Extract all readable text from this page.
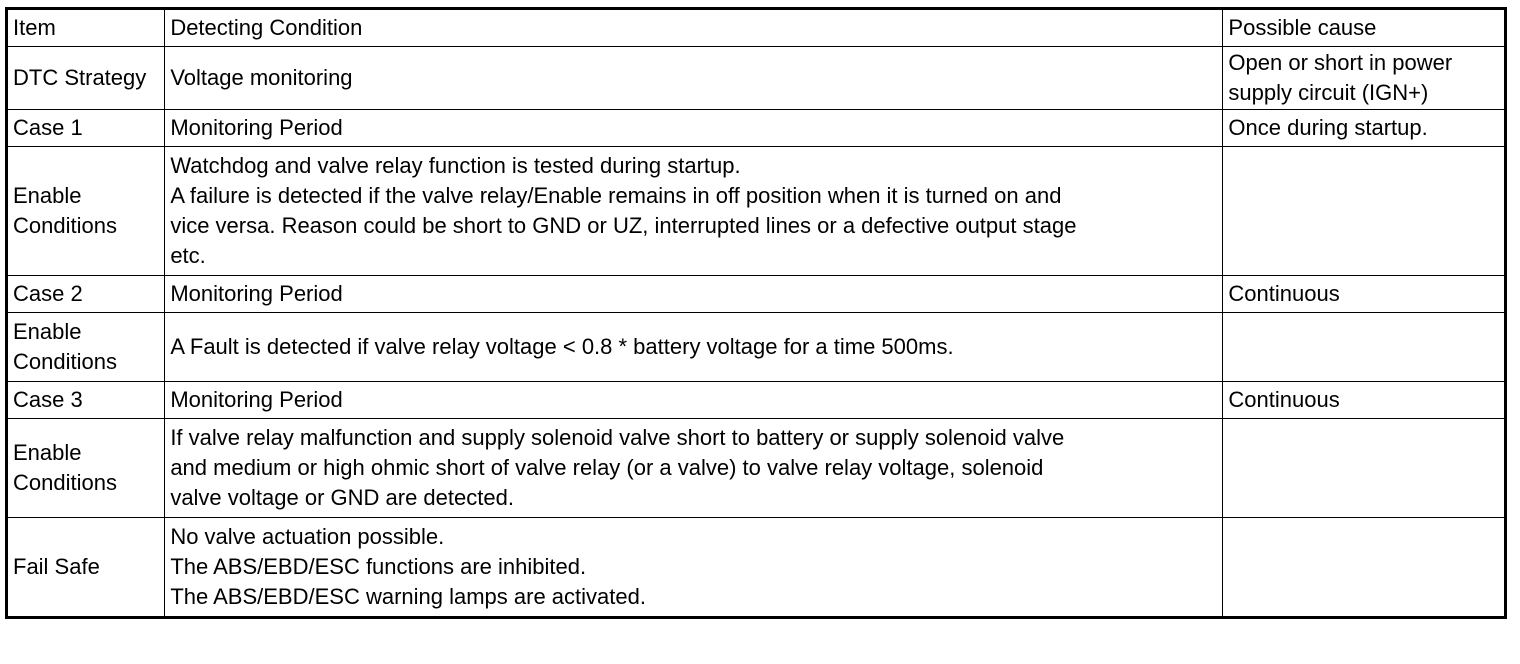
Item	Detecting Condition	Possible cause

DTC Strategy	Voltage monitoring	Open or short in power
supply circuit (IGN+)

Case 1	Monitoring Period	Once during startup.

Enable
Conditions	Watchdog and valve relay function is tested during startup.
A failure is detected if the valve relay/Enable remains in off position when it is turned on and
vice versa. Reason could be short to GND or UZ, interrupted lines or a defective output stage
etc.	

Case 2	Monitoring Period	Continuous

Enable
Conditions	A Fault is detected if valve relay voltage < 0.8 * battery voltage for a time 500ms.	

Case 3	Monitoring Period	Continuous

Enable
Conditions	If valve relay malfunction and supply solenoid valve short to battery or supply solenoid valve
and medium or high ohmic short of valve relay (or a valve) to valve relay voltage, solenoid
valve voltage or GND are detected.	

Fail Safe	No valve actuation possible.
The ABS/EBD/ESC functions are inhibited.
The ABS/EBD/ESC warning lamps are activated.	
